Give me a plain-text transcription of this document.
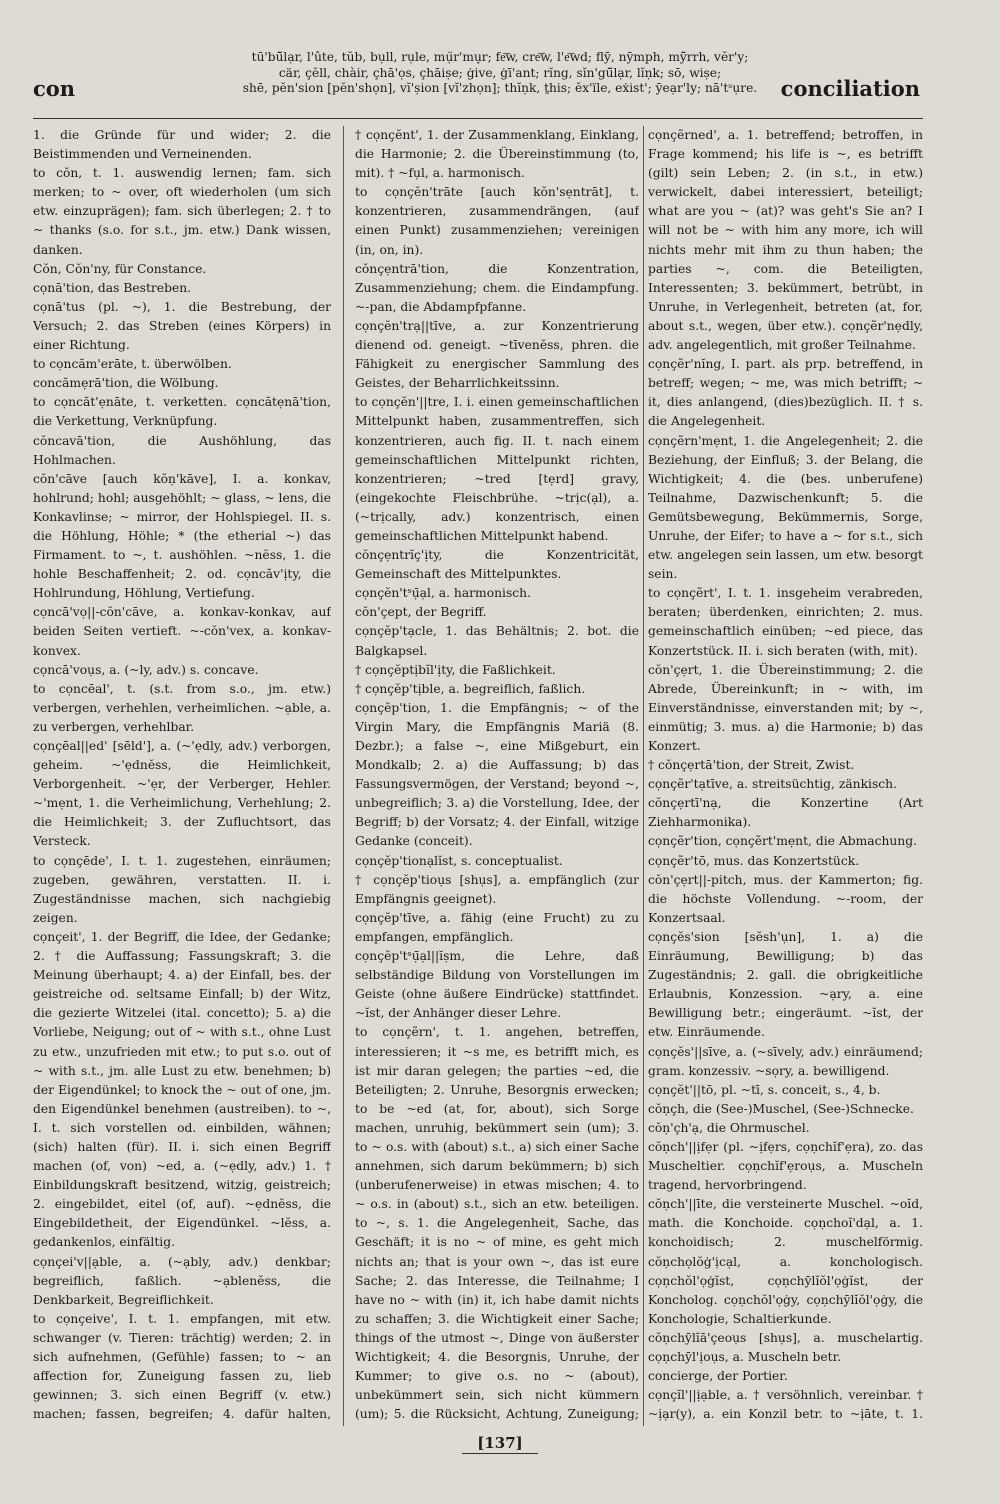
tū'bū̆lạr, l'ûte, tŭb, bụll, rụle, mụ̈r'mụ̣r; fe͞w, cre͞w, l'e͞wd; flȳ, nȳmph, mȳ̆rrh, vĕr'y;
cär, çĕll, chàir, çhā'ọs, çhāiṣe; ġive, ġī'ant; rĭng, sĭn'gū̆lạr, lĭṇk; sō, wiṣe;
shē, pĕn'sion [pĕn'shọn], vĭ'ṣion [vĭ'zhọn]; thĭṇk, ṯhis; ĕx'ïle, eẋist'; ȳeạr'ly; nā'tˢụre.
con	conciliation

1. die Gründe für und wider; 2. die Beistimmenden und Verneinenden.

to cŏn, t. 1. auswendig lernen; fam. sich merken; to ~ over, oft wiederholen (um sich etw. einzuprägen); fam. sich überlegen; 2. † to ~ thanks (s.o. for s.t., jm. etw.) Dank wissen, danken.

Cŏn, Cŏn'ny, für Constance.

cọnā'tion, das Bestreben.

cọnā'tus (pl. ~), 1. die Bestrebung, der Versuch; 2. das Streben (eines Körpers) in einer Richtung.

to cọncăm'erāte, t. überwölben.

concămẹrā'tion, die Wölbung.

to cọncăt'ẹnāte, t. verketten. cọncătẹnā'tion, die Verkettung, Verknüpfung.

cŏncavā'tion, die Aushöhlung, das Hohlmachen.

cŏn'cāve [auch kŏṇ'kāve], I. a. konkav, hohlrund; hohl; ausgehöhlt; ~ glass, ~ lens, die Konkavlinse; ~ mirror, der Hohlspiegel. II. s. die Höhlung, Höhle; * (the etherial ~) das Firmament. to ~, t. aushöhlen. ~nĕss, 1. die hohle Beschaffenheit; 2. od. cọncăv'ịty, die Hohlrundung, Höhlung, Vertiefung.

cọncā'vọ||-cŏn'cāve, a. konkav-konkav, auf beiden Seiten vertieft. ~-cŏn'vex, a. konkav-konvex.

cọncā'voụs, a. (~ly, adv.) s. concave.

to cọncēal', t. (s.t. from s.o., jm. etw.) verbergen, verhehlen, verheimlichen. ~ạble, a. zu verbergen, verhehlbar.

cọnçēal||ed' [sēld'], a. (~'ẹdly, adv.) verborgen, geheim. ~'ẹdnĕss, die Heimlichkeit, Verborgenheit. ~'ẹr, der Verberger, Hehler. ~'mẹnt, 1. die Verheimlichung, Verhehlung; 2. die Heimlichkeit; 3. der Zufluchtsort, das Versteck.

to cọnçēde', I. t. 1. zugestehen, einräumen; zugeben, gewähren, verstatten. II. i. Zugeständnisse machen, sich nachgiebig zeigen.

cọnçeit', 1. der Begriff, die Idee, der Gedanke; 2. † die Auffassung; Fassungskraft; 3. die Meinung überhaupt; 4. a) der Einfall, bes. der geistreiche od. seltsame Einfall; b) der Witz, die gezierte Witzelei (ital. concetto); 5. a) die Vorliebe, Neigung; out of ~ with s.t., ohne Lust zu etw., unzufrieden mit etw.; to put s.o. out of ~ with s.t., jm. alle Lust zu etw. benehmen; b) der Eigendünkel; to knock the ~ out of one, jm. den Eigendünkel benehmen (austreiben). to ~, I. t. sich vorstellen od. einbilden, wähnen; (sich) halten (für). II. i. sich einen Begriff machen (of, von) ~ed, a. (~ẹdly, adv.) 1. † Einbildungskraft besitzend, witzig, geistreich; 2. eingebildet, eitel (of, auf). ~ẹdnĕss, die Eingebildetheit, der Eigendünkel. ~lĕss, a. gedankenlos, einfältig.

cọnçei'v||ạble, a. (~ạbly, adv.) denkbar; begreiflich, faßlich. ~ạblenĕss, die Denkbarkeit, Begreiflichkeit.

to cọnçeive', I. t. 1. empfangen, mit etw. schwanger (v. Tieren: trächtig) werden; 2. in sich aufnehmen, (Gefühle) fassen; to ~ an affection for, Zuneigung fassen zu, lieb gewinnen; 3. sich einen Begriff (v. etw.) machen; fassen, begreifen; 4. dafür halten,

† cọnçĕnt', 1. der Zusammenklang, Einklang, die Harmonie; 2. die Übereinstimmung (to, mit). † ~fụl, a. harmonisch.

to cọnçĕn'trāte [auch kŏn'sẹntrāt], t. konzentrieren, zusammendrängen, (auf einen Punkt) zusammenziehen; vereinigen (in, on, in).

cŏnçẹntrā'tion, die Konzentration, Zusammenziehung; chem. die Eindampfung. ~-pan, die Abdampfpfanne.

cọnçĕn'trạ||tīve, a. zur Konzentrierung dienend od. geneigt. ~tīvenĕss, phren. die Fähigkeit zu energischer Sammlung des Geistes, der Beharrlichkeitssinn.

to cọnçĕn'||tre, I. i. einen gemeinschaftlichen Mittelpunkt haben, zusammentreffen, sich konzentrieren, auch fig. II. t. nach einem gemeinschaftlichen Mittelpunkt richten, konzentrieren; ~tred [tẹrd] gravy, (eingekochte Fleischbrühe. ~trịc(ạl), a. (~trịcally, adv.) konzentrisch, einen gemeinschaftlichen Mittelpunkt habend.

cŏnçẹntrĭç'ịty, die Konzentricität, Gemeinschaft des Mittelpunktes.

cọnçĕn'tˢụ̄ạl, a. harmonisch.

cŏn'çept, der Begriff.

cọnçĕp'tạcle, 1. das Behältnis; 2. bot. die Balgkapsel.

† cọnçĕptịbĭl'ịty, die Faßlichkeit.

† cọnçĕp'tịble, a. begreiflich, faßlich.

cọnçĕp'tion, 1. die Empfängnis; ~ of the Virgin Mary, die Empfängnis Mariä (8. Dezbr.); a false ~, eine Mißgeburt, ein Mondkalb; 2. a) die Auffassung; b) das Fassungsvermögen, der Verstand; beyond ~, unbegreiflich; 3. a) die Vorstellung, Idee, der Begriff; b) der Vorsatz; 4. der Einfall, witzige Gedanke (conceit).

cọnçĕp'tionạlĭst, s. conceptualist.

† cọnçĕp'tioụs [shụs], a. empfänglich (zur Empfängnis geeignet).

cọnçĕp'tīve, a. fähig (eine Frucht) zu zu empfangen, empfänglich.

cọnçĕp'tˢụ̄ạl||ĭṣm, die Lehre, daß selbständige Bildung von Vorstellungen im Geiste (ohne äußere Eindrücke) stattfindet. ~ĭst, der Anhänger dieser Lehre.

to cọnçẽrn', t. 1. angehen, betreffen, interessieren; it ~s me, es betrifft mich, es ist mir daran gelegen; the parties ~ed, die Beteiligten; 2. Unruhe, Besorgnis erwecken; to be ~ed (at, for, about), sich Sorge machen, unruhig, bekümmert sein (um); 3. to ~ o.s. with (about) s.t., a) sich einer Sache annehmen, sich darum bekümmern; b) sich (unberufenerweise) in etwas mischen; 4. to ~ o.s. in (about) s.t., sich an etw. beteiligen. to ~, s. 1. die Angelegenheit, Sache, das Geschäft; it is no ~ of mine, es geht mich nichts an; that is your own ~, das ist eure Sache; 2. das Interesse, die Teilnahme; I have no ~ with (in) it, ich habe damit nichts zu schaffen; 3. die Wichtigkeit einer Sache; things of the utmost ~, Dinge von äußerster Wichtigkeit; 4. die Besorgnis, Unruhe, der Kummer; to give o.s. no ~ (about), unbekümmert sein, sich nicht kümmern (um); 5. die Rücksicht, Achtung, Zuneigung;

cọnçẽrned', a. 1. betreffend; betroffen, in Frage kommend; his life is ~, es betrifft (gilt) sein Leben; 2. (in s.t., in etw.) verwickelt, dabei interessiert, beteiligt; what are you ~ (at)? was geht's Sie an? I will not be ~ with him any more, ich will nichts mehr mit ihm zu thun haben; the parties ~, com. die Beteiligten, Interessenten; 3. bekümmert, betrübt, in Unruhe, in Verlegenheit, betreten (at, for, about s.t., wegen, über etw.). cọnçẽr'nẹdly, adv. angelegentlich, mit großer Teilnahme.

cọnçẽr'nĭng, I. part. als prp. betreffend, in betreff; wegen; ~ me, was mich betrifft; ~ it, dies anlangend, (dies)bezüglich. II. † s. die Angelegenheit.

cọnçẽrn'mẹnt, 1. die Angelegenheit; 2. die Beziehung, der Einfluß; 3. der Belang, die Wichtigkeit; 4. die (bes. unberufene) Teilnahme, Dazwischenkunft; 5. die Gemütsbewegung, Bekümmernis, Sorge, Unruhe, der Eifer; to have a ~ for s.t., sich etw. angelegen sein lassen, um etw. besorgt sein.

to cọnçẽrt', I. t. 1. insgeheim verabreden, beraten; überdenken, einrichten; 2. mus. gemeinschaftlich einüben; ~ed piece, das Konzertstück. II. i. sich beraten (with, mit).

cŏn'çẹrt, 1. die Übereinstimmung; 2. die Abrede, Übereinkunft; in ~ with, im Einverständnisse, einverstanden mit; by ~, einmütig; 3. mus. a) die Harmonie; b) das Konzert.

† cŏnçẹrtā'tion, der Streit, Zwist.

cọnçẽr'tạtīve, a. streitsüchtig, zänkisch.

cŏnçẹrtī'nạ, die Konzertine (Art Ziehharmonika).

cọnçẽr'tion, cọnçẽrt'mẹnt, die Abmachung.

cọnçẽr'tō, mus. das Konzertstück.

cŏn'çẹrt||-pitch, mus. der Kammerton; fig. die höchste Vollendung. ~-room, der Konzertsaal.

cọnçĕs'sion [sĕsh'ụn], 1. a) die Einräumung, Bewilligung; b) das Zugeständnis; 2. gall. die obrigkeitliche Erlaubnis, Konzession. ~ạry, a. eine Bewilligung betr.; eingeräumt. ~ĭst, der etw. Einräumende.

cọnçĕs'||sīve, a. (~sīvely, adv.) einräumend; gram. konzessiv. ~sọry, a. bewilligend.

cọnçĕt'||tō, pl. ~tī, s. conceit, s., 4, b.

cŏṇçh, die (See-)Muschel, (See-)Schnecke.

cŏṇ'çh'ạ, die Ohrmuschel.

cŏṇch'||ịfẹr (pl. ~ịfẹrs, cọṇchĭf'ẹra), zo. das Muscheltier. cọṇchĭf'ẹroụs, a. Muscheln tragend, hervorbringend.

cŏṇch'||īte, die versteinerte Muschel. ~oĭd, math. die Konchoide. cọṇchoĭ'dạl, a. 1. konchoidisch; 2. muschelförmig. cŏṇchọlŏġ'ịcạl, a. konchologisch. cọṇchŏl'ọġĭst, cọṇchȳlĭŏl'ọġĭst, der Koncholog. cọṇchŏl'ọġy, cọṇchȳlĭŏl'ọġy, die Konchologie, Schaltierkunde.

cŏṇchȳlĭā'çeoụs [shụs], a. muschelartig. cọṇchȳl'ịoụs, a. Muscheln betr.

concierge, der Portier.

cọnçĭl'||ịạble, a. † versöhnlich, vereinbar. † ~ịạr(y), a. ein Konzil betr. to ~ịāte, t. 1.

[137]
